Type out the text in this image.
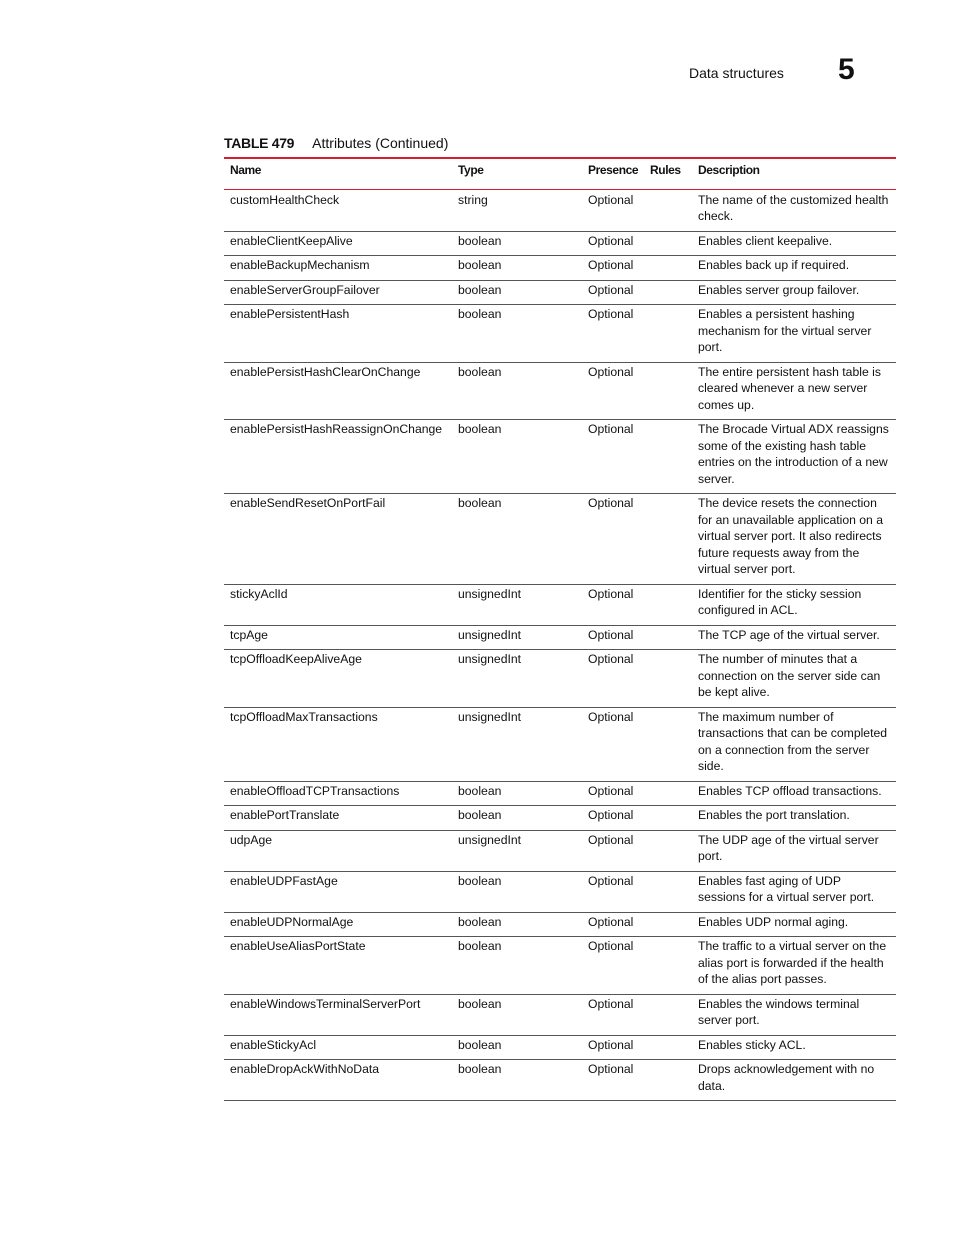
Data structures 5
TABLE 479 Attributes (Continued)
Name	Type	Presence	Rules	Description
customHealthCheck	string	Optional		The name of the customized health check.
enableClientKeepAlive	boolean	Optional		Enables client keepalive.
enableBackupMechanism	boolean	Optional		Enables back up if required.
enableServerGroupFailover	boolean	Optional		Enables server group failover.
enablePersistentHash	boolean	Optional		Enables a persistent hashing mechanism for the virtual server port.
enablePersistHashClearOnChange	boolean	Optional		The entire persistent hash table is cleared whenever a new server comes up.
enablePersistHashReassignOnChange	boolean	Optional		The Brocade Virtual ADX reassigns some of the existing hash table entries on the introduction of a new server.
enableSendResetOnPortFail	boolean	Optional		The device resets the connection for an unavailable application on a virtual server port. It also redirects future requests away from the virtual server port.
stickyAclId	unsignedInt	Optional		Identifier for the sticky session configured in ACL.
tcpAge	unsignedInt	Optional		The TCP age of the virtual server.
tcpOffloadKeepAliveAge	unsignedInt	Optional		The number of minutes that a connection on the server side can be kept alive.
tcpOffloadMaxTransactions	unsignedInt	Optional		The maximum number of transactions that can be completed on a connection from the server side.
enableOffloadTCPTransactions	boolean	Optional		Enables TCP offload transactions.
enablePortTranslate	boolean	Optional		Enables the port translation.
udpAge	unsignedInt	Optional		The UDP age of the virtual server port.
enableUDPFastAge	boolean	Optional		Enables fast aging of UDP sessions for a virtual server port.
enableUDPNormalAge	boolean	Optional		Enables UDP normal aging.
enableUseAliasPortState	boolean	Optional		The traffic to a virtual server on the alias port is forwarded if the health of the alias port passes.
enableWindowsTerminalServerPort	boolean	Optional		Enables the windows terminal server port.
enableStickyAcl	boolean	Optional		Enables sticky ACL.
enableDropAckWithNoData	boolean	Optional		Drops acknowledgement with no data.
